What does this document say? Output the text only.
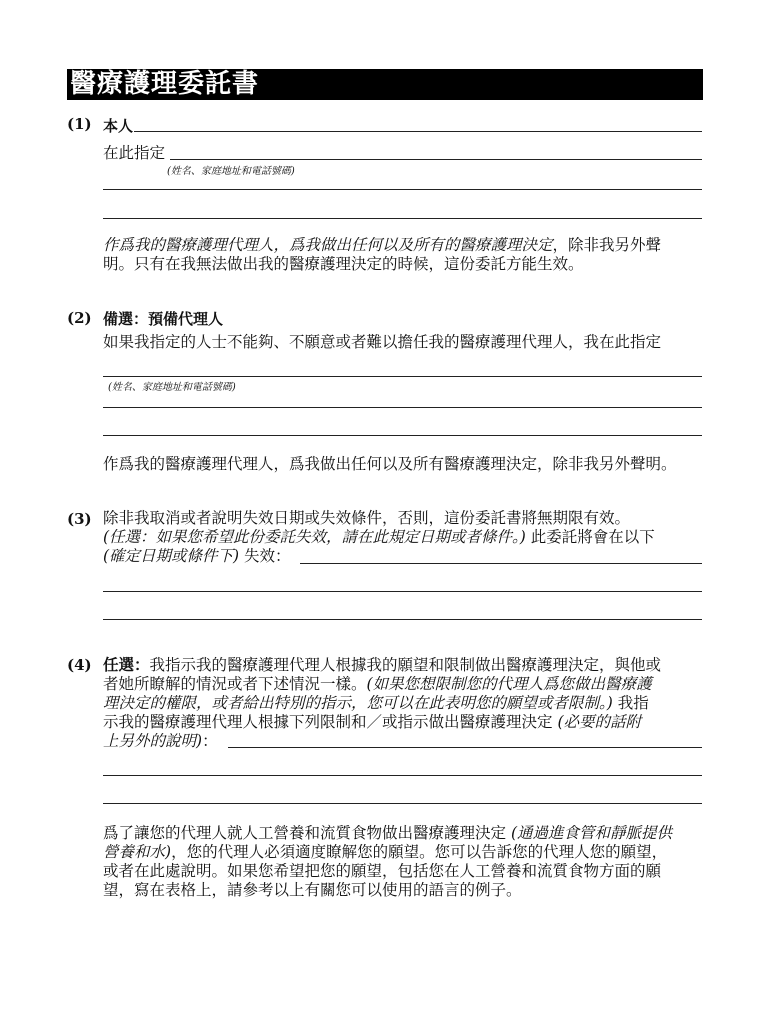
醫療護理委託書
(1) 本人
在此指定
(姓名、家庭地址和電話號碼)
作爲我的醫療護理代理人，爲我做出任何以及所有的醫療護理決定，除非我另外聲
明。只有在我無法做出我的醫療護理決定的時候，這份委託方能生效。
(2) 備選：預備代理人
如果我指定的人士不能夠、不願意或者難以擔任我的醫療護理代理人，我在此指定
(姓名、家庭地址和電話號碼)
作爲我的醫療護理代理人，爲我做出任何以及所有醫療護理決定，除非我另外聲明。
(3) 除非我取消或者說明失效日期或失效條件，否則，這份委託書將無期限有效。
(任選：如果您希望此份委託失效，請在此規定日期或者條件。) 此委託將會在以下
(確定日期或條件下) 失效：
(4) 任選：我指示我的醫療護理代理人根據我的願望和限制做出醫療護理決定，與他或
者她所瞭解的情況或者下述情況一樣。(如果您想限制您的代理人爲您做出醫療護
理決定的權限，或者給出特別的指示，您可以在此表明您的願望或者限制。) 我指
示我的醫療護理代理人根據下列限制和／或指示做出醫療護理決定 (必要的話附
上另外的說明)：
爲了讓您的代理人就人工營養和流質食物做出醫療護理決定 (通過進食管和靜脈提供
營養和水)，您的代理人必須適度瞭解您的願望。您可以告訴您的代理人您的願望，
或者在此處說明。如果您希望把您的願望，包括您在人工營養和流質食物方面的願
望，寫在表格上，請參考以上有關您可以使用的語言的例子。
